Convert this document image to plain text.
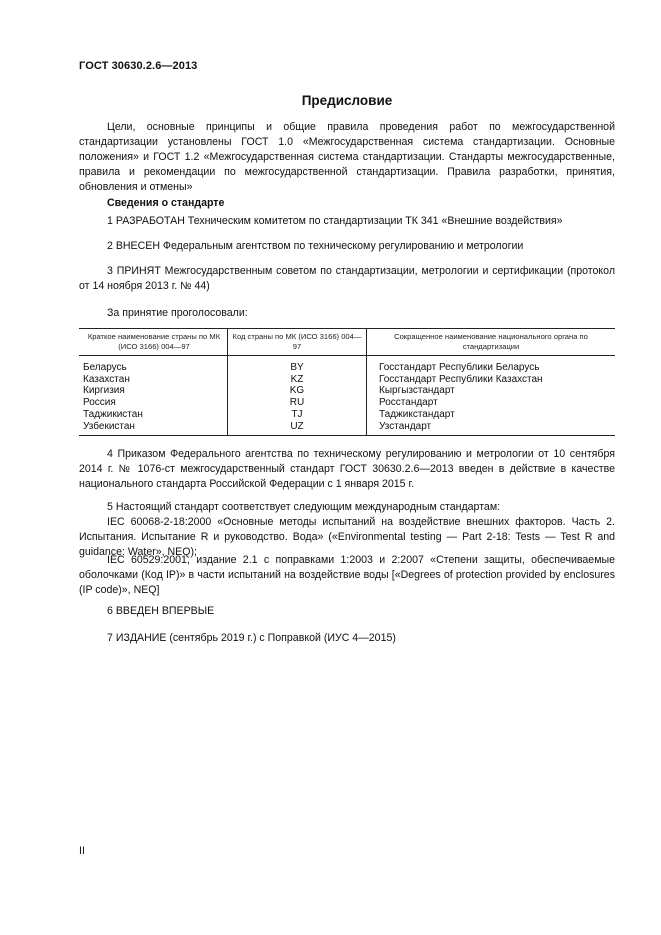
ГОСТ 30630.2.6—2013
Предисловие
Цели, основные принципы и общие правила проведения работ по межгосударственной стандартизации установлены ГОСТ 1.0 «Межгосударственная система стандартизации. Основные положения» и ГОСТ 1.2 «Межгосударственная система стандартизации. Стандарты межгосударственные, правила и рекомендации по межгосударственной стандартизации. Правила разработки, принятия, обновления и отмены»
Сведения о стандарте
1 РАЗРАБОТАН Техническим комитетом по стандартизации ТК 341 «Внешние воздействия»
2 ВНЕСЕН Федеральным агентством по техническому регулированию и метрологии
3 ПРИНЯТ Межгосударственным советом по стандартизации, метрологии и сертификации (протокол от 14 ноября 2013 г. № 44)
За принятие проголосовали:
Краткое наименование страны по МК (ИСО 3166) 004—97	Код страны по МК (ИСО 3166) 004—97	Сокращенное наименование национального органа по стандартизации
Беларусь	BY	Госстандарт Республики Беларусь
Казахстан	KZ	Госстандарт Республики Казахстан
Киргизия	KG	Кыргызстандарт
Россия	RU	Росстандарт
Таджикистан	TJ	Таджикстандарт
Узбекистан	UZ	Узстандарт
4 Приказом Федерального агентства по техническому регулированию и метрологии от 10 сентября 2014 г. № 1076-ст межгосударственный стандарт ГОСТ 30630.2.6—2013 введен в действие в качестве национального стандарта Российской Федерации с 1 января 2015 г.
5 Настоящий стандарт соответствует следующим международным стандартам:
IEC 60068-2-18:2000 «Основные методы испытаний на воздействие внешних факторов. Часть 2. Испытания. Испытание R и руководство. Вода» («Environmental testing — Part 2-18: Tests — Test R and guidance: Water», NEQ);
IEC 60529:2001, издание 2.1 с поправками 1:2003 и 2:2007 «Степени защиты, обеспечиваемые оболочками (Код IP)» в части испытаний на воздействие воды [«Degrees of protection provided by enclosures (IP code)», NEQ]
6 ВВЕДЕН ВПЕРВЫЕ
7 ИЗДАНИЕ (сентябрь 2019 г.) с Поправкой (ИУС 4—2015)
II
